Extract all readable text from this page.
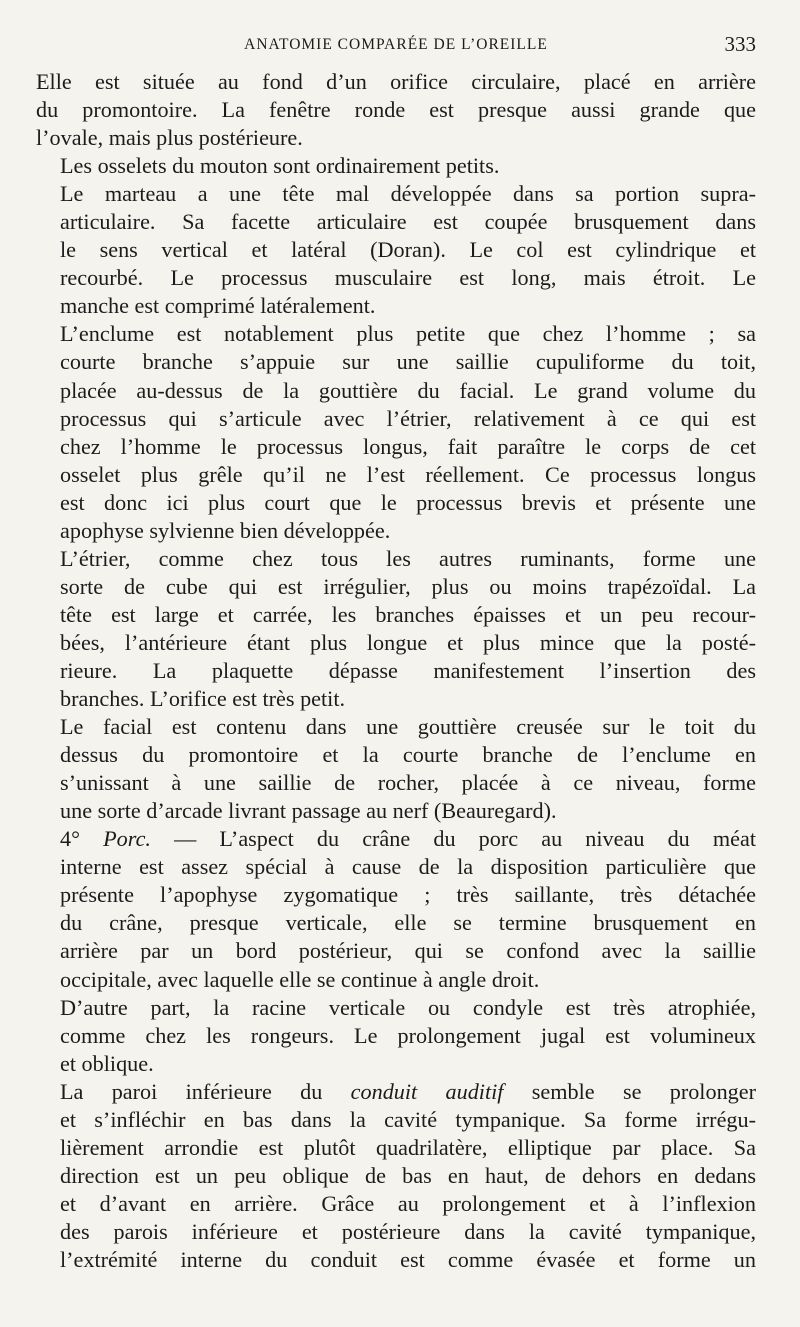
ANATOMIE COMPARÉE DE L’OREILLE	333

Elle est située au fond d’un orifice circulaire, placé en arrière
du promontoire. La fenêtre ronde est presque aussi grande que
l’ovale, mais plus postérieure.

Les osselets du mouton sont ordinairement petits.

Le marteau a une tête mal développée dans sa portion supra-
articulaire. Sa facette articulaire est coupée brusquement dans
le sens vertical et latéral (Doran). Le col est cylindrique et
recourbé. Le processus musculaire est long, mais étroit. Le
manche est comprimé latéralement.

L’enclume est notablement plus petite que chez l’homme ; sa
courte branche s’appuie sur une saillie cupuliforme du toit,
placée au-dessus de la gouttière du facial. Le grand volume du
processus qui s’articule avec l’étrier, relativement à ce qui est
chez l’homme le processus longus, fait paraître le corps de cet
osselet plus grêle qu’il ne l’est réellement. Ce processus longus
est donc ici plus court que le processus brevis et présente une
apophyse sylvienne bien développée.

L’étrier, comme chez tous les autres ruminants, forme une
sorte de cube qui est irrégulier, plus ou moins trapézoïdal. La
tête est large et carrée, les branches épaisses et un peu recour-
bées, l’antérieure étant plus longue et plus mince que la posté-
rieure. La plaquette dépasse manifestement l’insertion des
branches. L’orifice est très petit.

Le facial est contenu dans une gouttière creusée sur le toit du
dessus du promontoire et la courte branche de l’enclume en
s’unissant à une saillie de rocher, placée à ce niveau, forme
une sorte d’arcade livrant passage au nerf (Beauregard).

4° Porc. — L’aspect du crâne du porc au niveau du méat
interne est assez spécial à cause de la disposition particulière que
présente l’apophyse zygomatique ; très saillante, très détachée
du crâne, presque verticale, elle se termine brusquement en
arrière par un bord postérieur, qui se confond avec la saillie
occipitale, avec laquelle elle se continue à angle droit.

D’autre part, la racine verticale ou condyle est très atrophiée,
comme chez les rongeurs. Le prolongement jugal est volumineux
et oblique.

La paroi inférieure du conduit auditif semble se prolonger
et s’infléchir en bas dans la cavité tympanique. Sa forme irrégu-
lièrement arrondie est plutôt quadrilatère, elliptique par place. Sa
direction est un peu oblique de bas en haut, de dehors en dedans
et d’avant en arrière. Grâce au prolongement et à l’inflexion
des parois inférieure et postérieure dans la cavité tympanique,
l’extrémité interne du conduit est comme évasée et forme un
